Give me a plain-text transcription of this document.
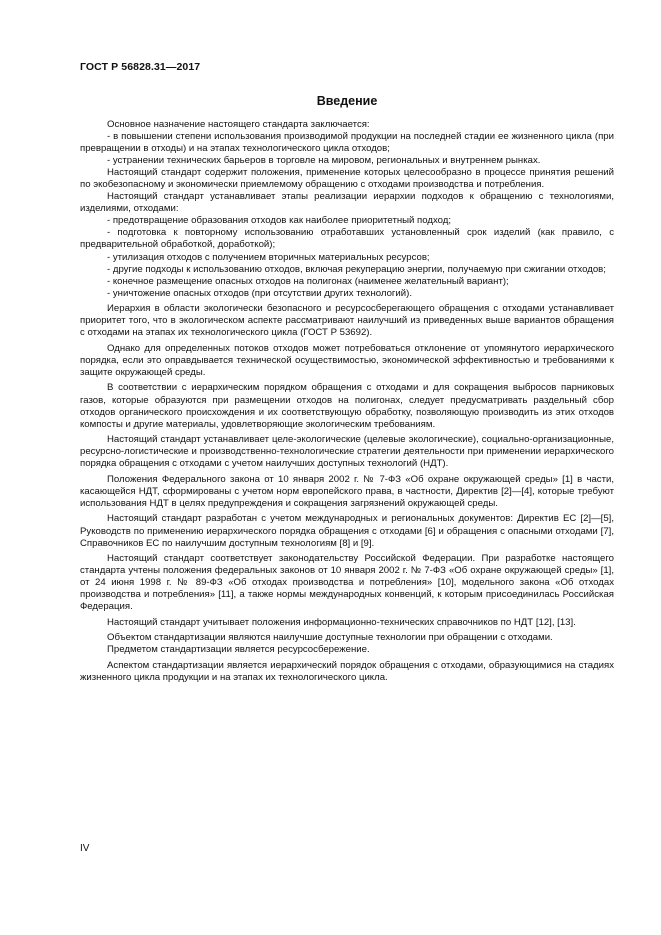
ГОСТ Р 56828.31—2017
Введение

Основное назначение настоящего стандарта заключается:

- в повышении степени использования производимой продукции на последней стадии ее жизненного цикла (при превращении в отходы) и на этапах технологического цикла отходов;

- устранении технических барьеров в торговле на мировом, региональных и внутреннем рынках.

Настоящий стандарт содержит положения, применение которых целесообразно в процессе принятия решений по экобезопасному и экономически приемлемому обращению с отходами производства и потребления.

Настоящий стандарт устанавливает этапы реализации иерархии подходов к обращению с технологиями, изделиями, отходами:

- предотвращение образования отходов как наиболее приоритетный подход;

- подготовка к повторному использованию отработавших установленный срок изделий (как правило, с предварительной обработкой, доработкой);

- утилизация отходов с получением вторичных материальных ресурсов;

- другие подходы к использованию отходов, включая рекуперацию энергии, получаемую при сжигании отходов;

- конечное размещение опасных отходов на полигонах (наименее желательный вариант);

- уничтожение опасных отходов (при отсутствии других технологий).

Иерархия в области экологически безопасного и ресурсосберегающего обращения с отходами устанавливает приоритет того, что в экологическом аспекте рассматривают наилучший из приведенных выше вариантов обращения с отходами на этапах их технологического цикла (ГОСТ Р 53692).

Однако для определенных потоков отходов может потребоваться отклонение от упомянутого иерархического порядка, если это оправдывается технической осуществимостью, экономической эффективностью и требованиями к защите окружающей среды.

В соответствии с иерархическим порядком обращения с отходами и для сокращения выбросов парниковых газов, которые образуются при размещении отходов на полигонах, следует предусматривать раздельный сбор отходов органического происхождения и их соответствующую обработку, позволяющую производить из этих отходов компосты и другие материалы, удовлетворяющие экологическим требованиям.

Настоящий стандарт устанавливает целе-экологические (целевые экологические), социально-организационные, ресурсно-логистические и производственно-технологические стратегии деятельности при применении иерархического порядка обращения с отходами с учетом наилучших доступных технологий (НДТ).

Положения Федерального закона от 10 января 2002 г. № 7-ФЗ «Об охране окружающей среды» [1] в части, касающейся НДТ, сформированы с учетом норм европейского права, в частности, Директив [2]—[4], которые требуют использования НДТ в целях предупреждения и сокращения загрязнений окружающей среды.

Настоящий стандарт разработан с учетом международных и региональных документов: Директив ЕС [2]—[5], Руководств по применению иерархического порядка обращения с отходами [6] и обращения с опасными отходами [7], Справочников ЕС по наилучшим доступным технологиям [8] и [9].

Настоящий стандарт соответствует законодательству Российской Федерации. При разработке настоящего стандарта учтены положения федеральных законов от 10 января 2002 г. № 7-ФЗ «Об охране окружающей среды» [1], от 24 июня 1998 г. № 89-ФЗ «Об отходах производства и потребления» [10], модельного закона «Об отходах производства и потребления» [11], а также нормы международных конвенций, к которым присоединилась Российская Федерация.

Настоящий стандарт учитывает положения информационно-технических справочников по НДТ [12], [13].

Объектом стандартизации являются наилучшие доступные технологии при обращении с отходами.

Предметом стандартизации является ресурсосбережение.

Аспектом стандартизации является иерархический порядок обращения с отходами, образующимися на стадиях жизненного цикла продукции и на этапах их технологического цикла.

IV
